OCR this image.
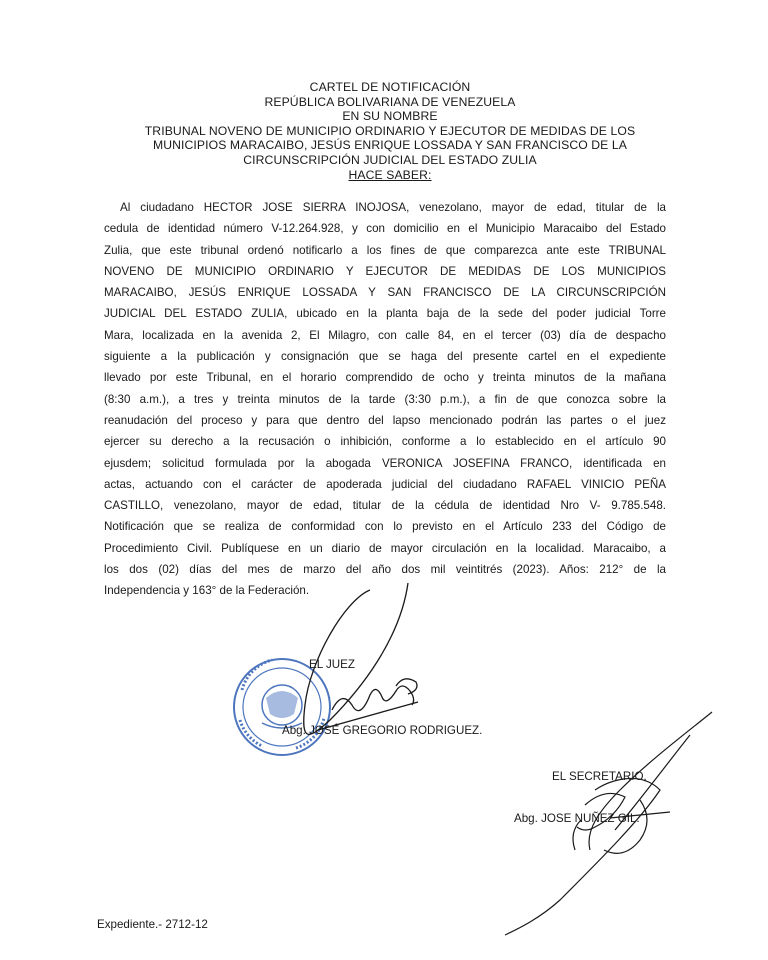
CARTEL DE NOTIFICACIÓN
REPÚBLICA BOLIVARIANA DE VENEZUELA
EN SU NOMBRE
TRIBUNAL NOVENO DE MUNICIPIO ORDINARIO Y EJECUTOR DE MEDIDAS DE LOS
MUNICIPIOS MARACAIBO, JESÚS ENRIQUE LOSSADA Y SAN FRANCISCO DE LA
CIRCUNSCRIPCIÓN JUDICIAL DEL ESTADO ZULIA
HACE SABER:
Al ciudadano HECTOR JOSE SIERRA INOJOSA, venezolano, mayor de edad, titular de la
cedula de identidad número V-12.264.928, y con domicilio en el Municipio Maracaibo del Estado
Zulia, que este tribunal ordenó notificarlo a los fines de que comparezca ante este TRIBUNAL
NOVENO DE MUNICIPIO ORDINARIO Y EJECUTOR DE MEDIDAS DE LOS MUNICIPIOS
MARACAIBO, JESÚS ENRIQUE LOSSADA Y SAN FRANCISCO DE LA CIRCUNSCRIPCIÓN
JUDICIAL DEL ESTADO ZULIA, ubicado en la planta baja de la sede del poder judicial Torre
Mara, localizada en la avenida 2, El Milagro, con calle 84, en el tercer (03) día de despacho
siguiente a la publicación y consignación que se haga del presente cartel en el expediente
llevado por este Tribunal, en el horario comprendido de ocho y treinta minutos de la mañana
(8:30 a.m.), a tres y treinta minutos de la tarde (3:30 p.m.), a fin de que conozca sobre la
reanudación del proceso y para que dentro del lapso mencionado podrán las partes o el juez
ejercer su derecho a la recusación o inhibición, conforme a lo establecido en el artículo 90
ejusdem; solicitud formulada por la abogada VERONICA JOSEFINA FRANCO, identificada en
actas, actuando con el carácter de apoderada judicial del ciudadano RAFAEL VINICIO PEÑA
CASTILLO, venezolano, mayor de edad, titular de la cédula de identidad Nro V- 9.785.548.
Notificación que se realiza de conformidad con lo previsto en el Artículo 233 del Código de
Procedimiento Civil. Publíquese en un diario de mayor circulación en la localidad. Maracaibo, a
los dos (02) días del mes de marzo del año dos mil veintitrés (2023). Años: 212° de la
Independencia y 163° de la Federación.
EL JUEZ
Abg. JOSÉ GREGORIO RODRIGUEZ.
EL SECRETARIO,
Abg. JOSE NUÑEZ GIL.
Expediente.- 2712-12
